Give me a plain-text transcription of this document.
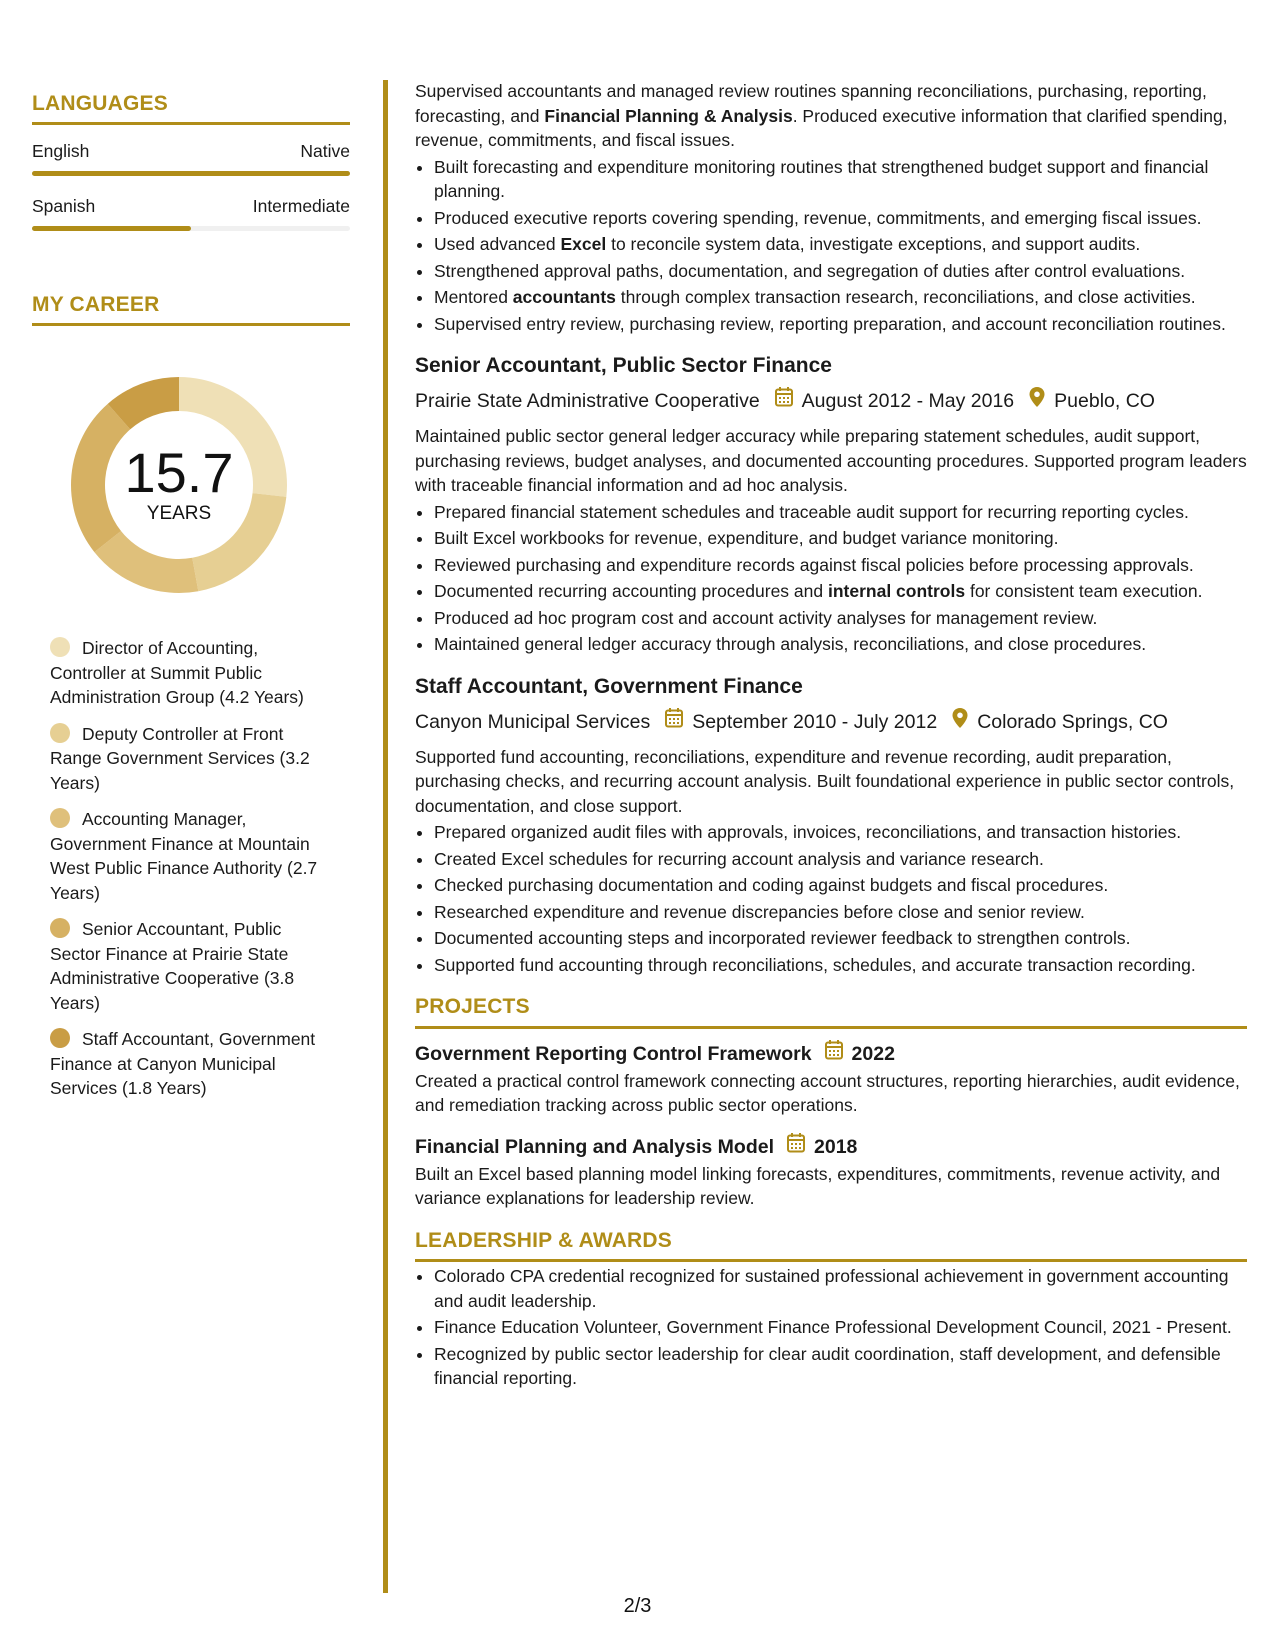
LANGUAGES
English	Native
Spanish	Intermediate
MY CAREER
15.7
YEARS
Director of Accounting, Controller at Summit Public Administration Group (4.2 Years)
Deputy Controller at Front Range Government Services (3.2 Years)
Accounting Manager, Government Finance at Mountain West Public Finance Authority (2.7 Years)
Senior Accountant, Public Sector Finance at Prairie State Administrative Cooperative (3.8 Years)
Staff Accountant, Government Finance at Canyon Municipal Services (1.8 Years)

Supervised accountants and managed review routines spanning reconciliations, purchasing, reporting, forecasting, and Financial Planning & Analysis. Produced executive information that clarified spending, revenue, commitments, and fiscal issues.

• Built forecasting and expenditure monitoring routines that strengthened budget support and financial planning.
• Produced executive reports covering spending, revenue, commitments, and emerging fiscal issues.
• Used advanced Excel to reconcile system data, investigate exceptions, and support audits.
• Strengthened approval paths, documentation, and segregation of duties after control evaluations.
• Mentored accountants through complex transaction research, reconciliations, and close activities.
• Supervised entry review, purchasing review, reporting preparation, and account reconciliation routines.
Senior Accountant, Public Sector Finance
Prairie State Administrative Cooperative August 2012 - May 2016 Pueblo, CO

Maintained public sector general ledger accuracy while preparing statement schedules, audit support, purchasing reviews, budget analyses, and documented accounting procedures. Supported program leaders with traceable financial information and ad hoc analysis.

• Prepared financial statement schedules and traceable audit support for recurring reporting cycles.
• Built Excel workbooks for revenue, expenditure, and budget variance monitoring.
• Reviewed purchasing and expenditure records against fiscal policies before processing approvals.
• Documented recurring accounting procedures and internal controls for consistent team execution.
• Produced ad hoc program cost and account activity analyses for management review.
• Maintained general ledger accuracy through analysis, reconciliations, and close procedures.
Staff Accountant, Government Finance
Canyon Municipal Services September 2010 - July 2012 Colorado Springs, CO

Supported fund accounting, reconciliations, expenditure and revenue recording, audit preparation, purchasing checks, and recurring account analysis. Built foundational experience in public sector controls, documentation, and close support.

• Prepared organized audit files with approvals, invoices, reconciliations, and transaction histories.
• Created Excel schedules for recurring account analysis and variance research.
• Checked purchasing documentation and coding against budgets and fiscal procedures.
• Researched expenditure and revenue discrepancies before close and senior review.
• Documented accounting steps and incorporated reviewer feedback to strengthen controls.
• Supported fund accounting through reconciliations, schedules, and accurate transaction recording.
PROJECTS
Government Reporting Control Framework 2022

Created a practical control framework connecting account structures, reporting hierarchies, audit evidence, and remediation tracking across public sector operations.

Financial Planning and Analysis Model 2018

Built an Excel based planning model linking forecasts, expenditures, commitments, revenue activity, and variance explanations for leadership review.

LEADERSHIP & AWARDS
• Colorado CPA credential recognized for sustained professional achievement in government accounting and audit leadership.
• Finance Education Volunteer, Government Finance Professional Development Council, 2021 - Present.
• Recognized by public sector leadership for clear audit coordination, staff development, and defensible financial reporting.
2/3
